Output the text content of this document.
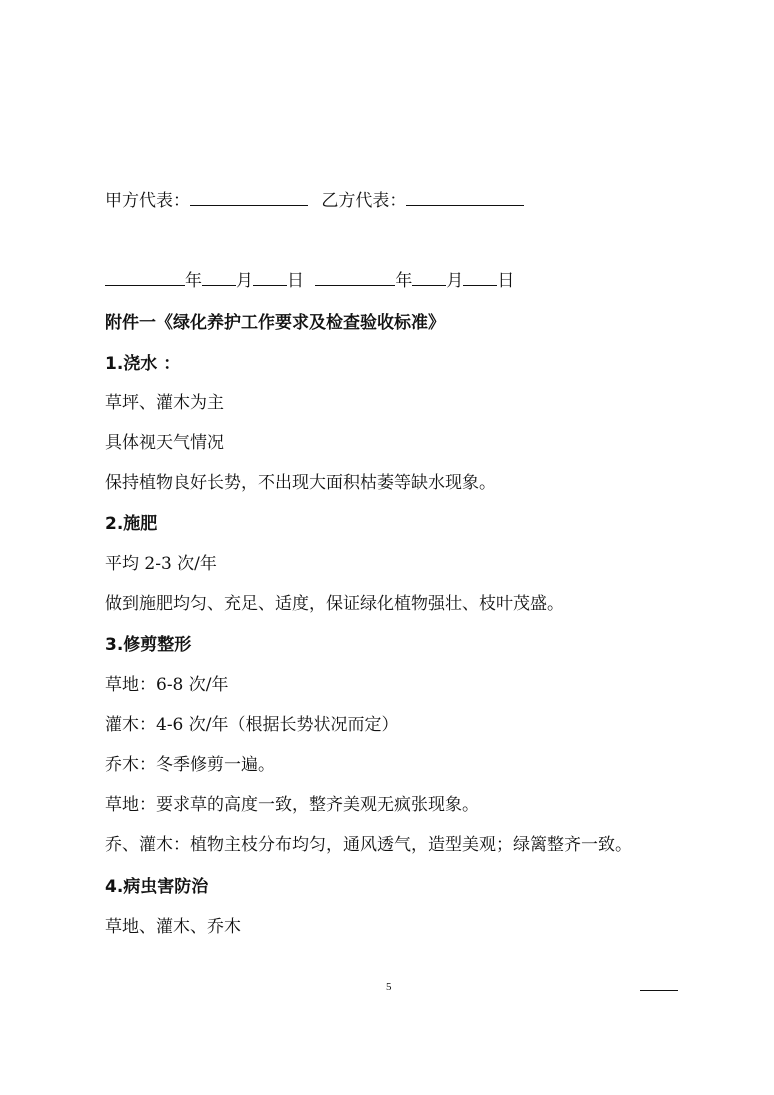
甲方代表：	乙方代表：
年 月 日	年 月 日
附件一《绿化养护工作要求及检查验收标准》
1.浇水 ：
草坪、灌木为主
具体视天气情况
保持植物良好长势，不出现大面积枯萎等缺水现象。
2.施肥
平均 2-3 次/年
做到施肥均匀、充足、适度，保证绿化植物强壮、枝叶茂盛。
3.修剪整形
草地：6-8 次/年
灌木：4-6 次/年（根据长势状况而定）
乔木：冬季修剪一遍。
草地：要求草的高度一致，整齐美观无疯张现象。
乔、灌木：植物主枝分布均匀，通风透气，造型美观；绿篱整齐一致。
4.病虫害防治
草地、灌木、乔木
5
